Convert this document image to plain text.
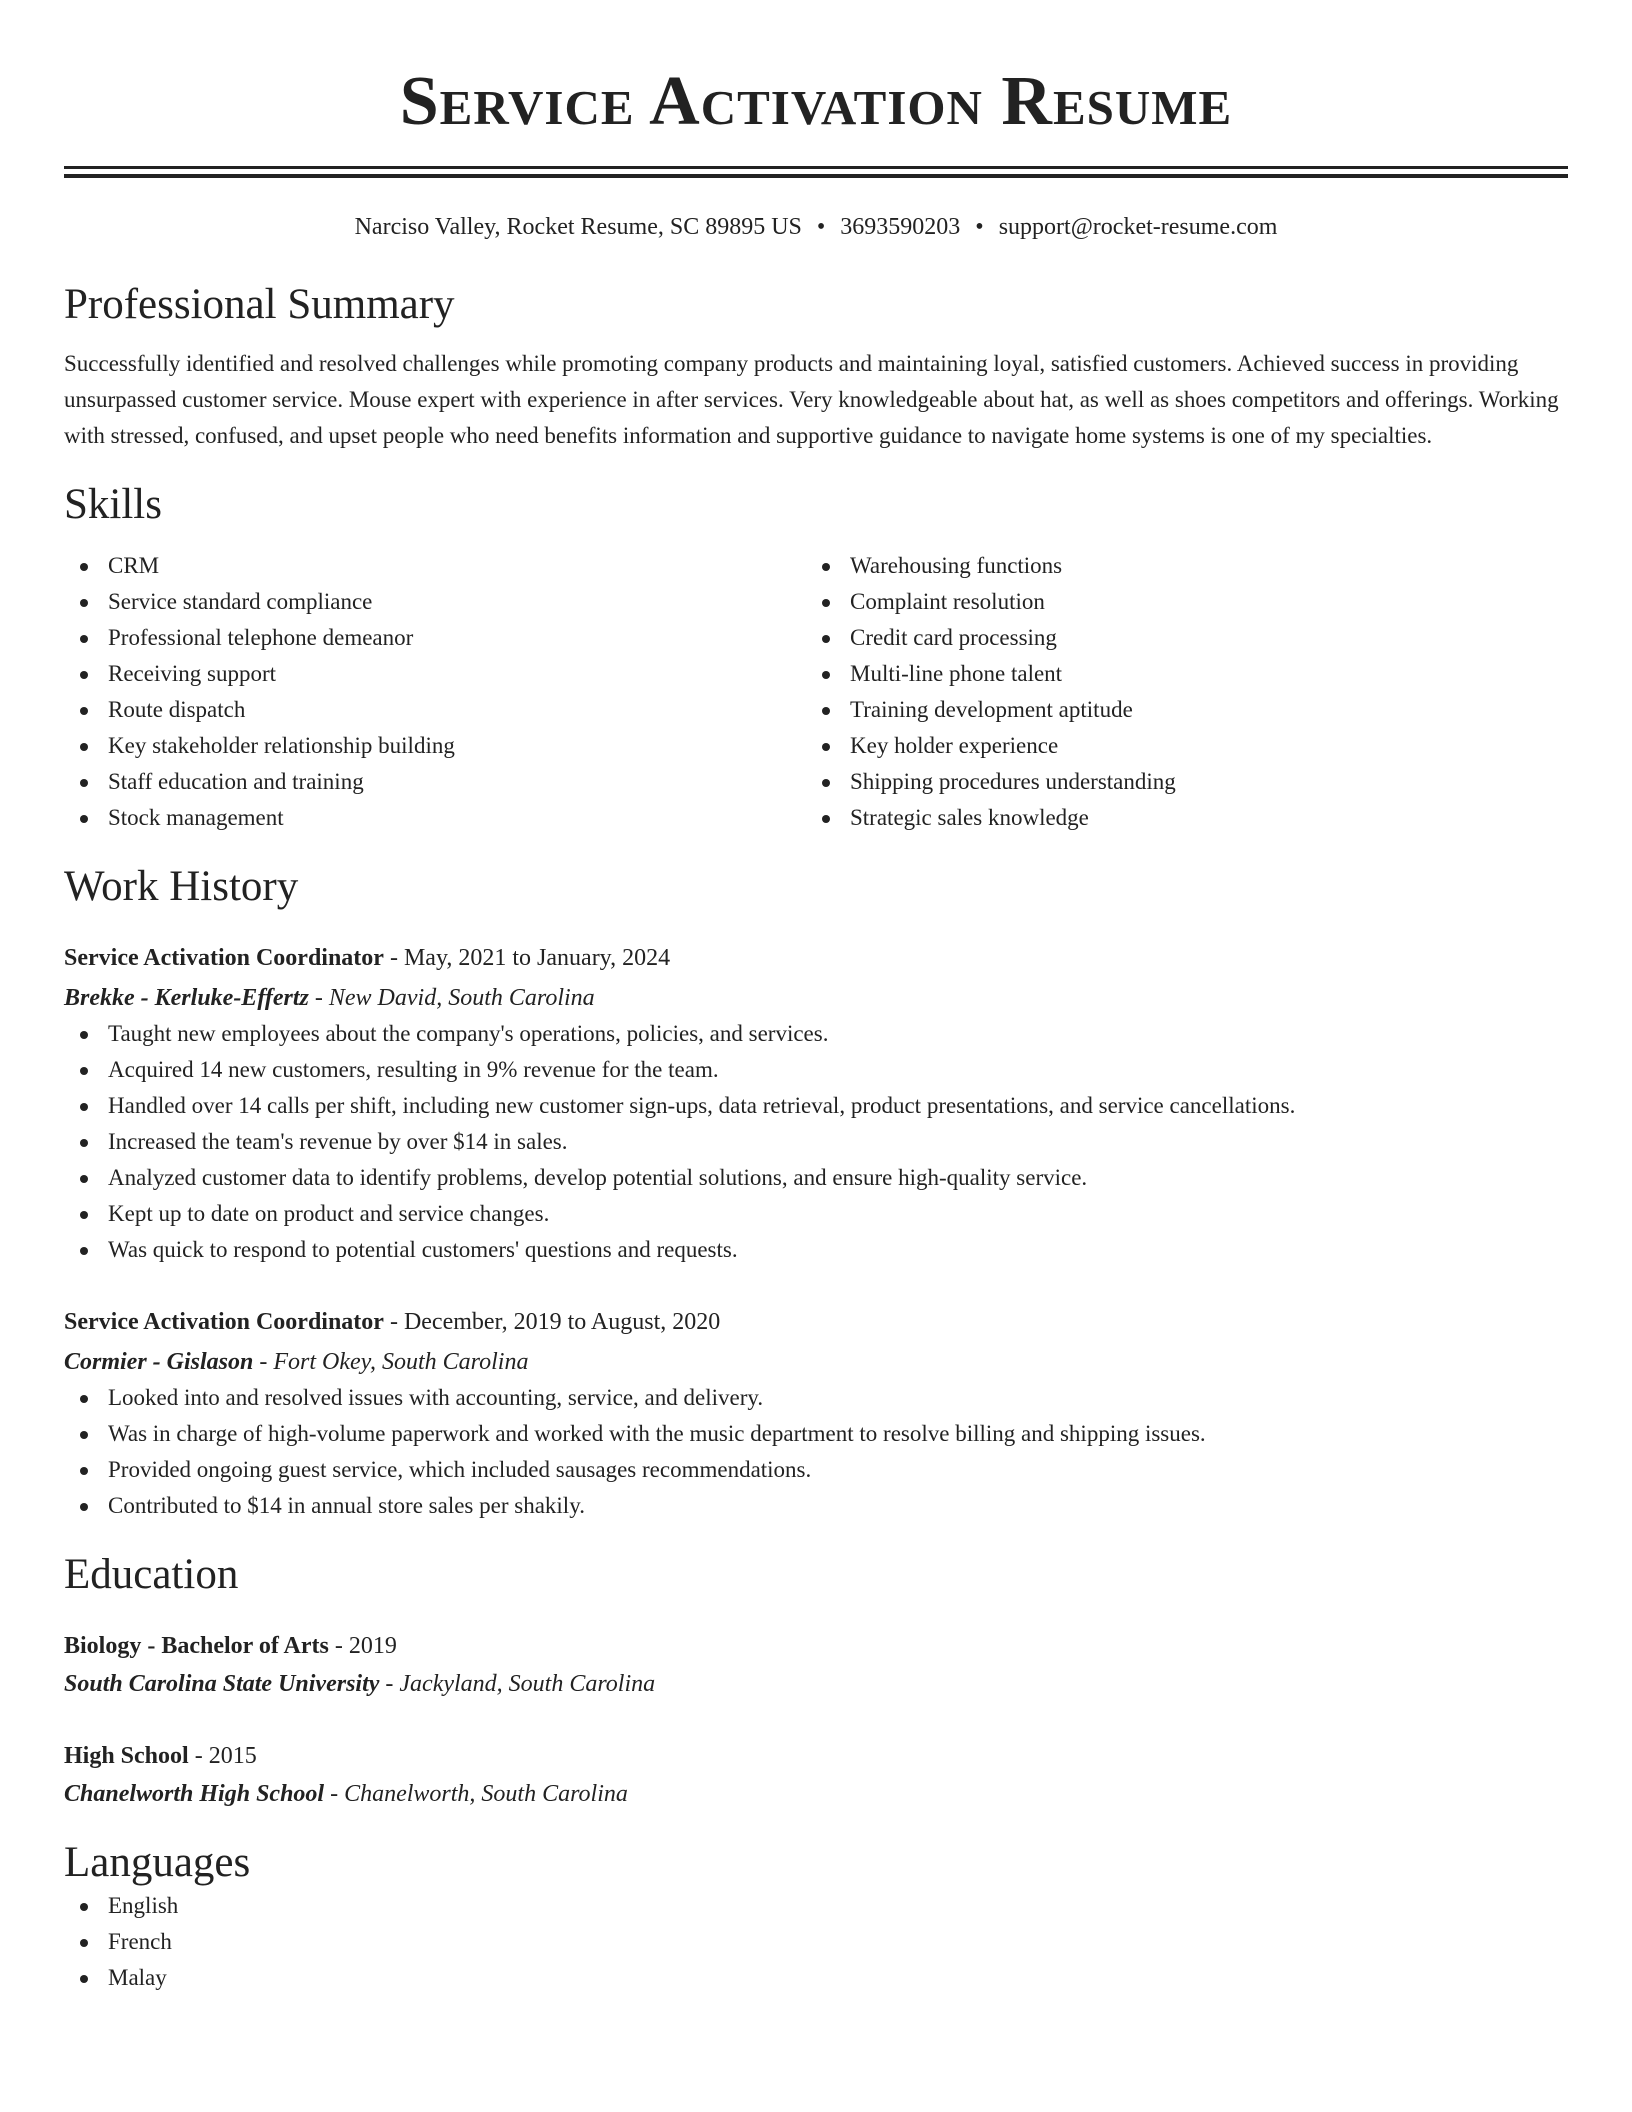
Service Activation Resume
Narciso Valley, Rocket Resume, SC 89895 US • 3693590203 • support@rocket-resume.com
Professional Summary
Successfully identified and resolved challenges while promoting company products and maintaining loyal, satisfied customers. Achieved success in providing unsurpassed customer service. Mouse expert with experience in after services. Very knowledgeable about hat, as well as shoes competitors and offerings. Working with stressed, confused, and upset people who need benefits information and supportive guidance to navigate home systems is one of my specialties.
Skills
CRM
Service standard compliance
Professional telephone demeanor
Receiving support
Route dispatch
Key stakeholder relationship building
Staff education and training
Stock management
Warehousing functions
Complaint resolution
Credit card processing
Multi-line phone talent
Training development aptitude
Key holder experience
Shipping procedures understanding
Strategic sales knowledge
Work History
Service Activation Coordinator - May, 2021 to January, 2024
Brekke - Kerluke-Effertz - New David, South Carolina
Taught new employees about the company's operations, policies, and services.
Acquired 14 new customers, resulting in 9% revenue for the team.
Handled over 14 calls per shift, including new customer sign-ups, data retrieval, product presentations, and service cancellations.
Increased the team's revenue by over $14 in sales.
Analyzed customer data to identify problems, develop potential solutions, and ensure high-quality service.
Kept up to date on product and service changes.
Was quick to respond to potential customers' questions and requests.
Service Activation Coordinator - December, 2019 to August, 2020
Cormier - Gislason - Fort Okey, South Carolina
Looked into and resolved issues with accounting, service, and delivery.
Was in charge of high-volume paperwork and worked with the music department to resolve billing and shipping issues.
Provided ongoing guest service, which included sausages recommendations.
Contributed to $14 in annual store sales per shakily.
Education
Biology - Bachelor of Arts - 2019
South Carolina State University - Jackyland, South Carolina
High School - 2015
Chanelworth High School - Chanelworth, South Carolina
Languages
English
French
Malay
